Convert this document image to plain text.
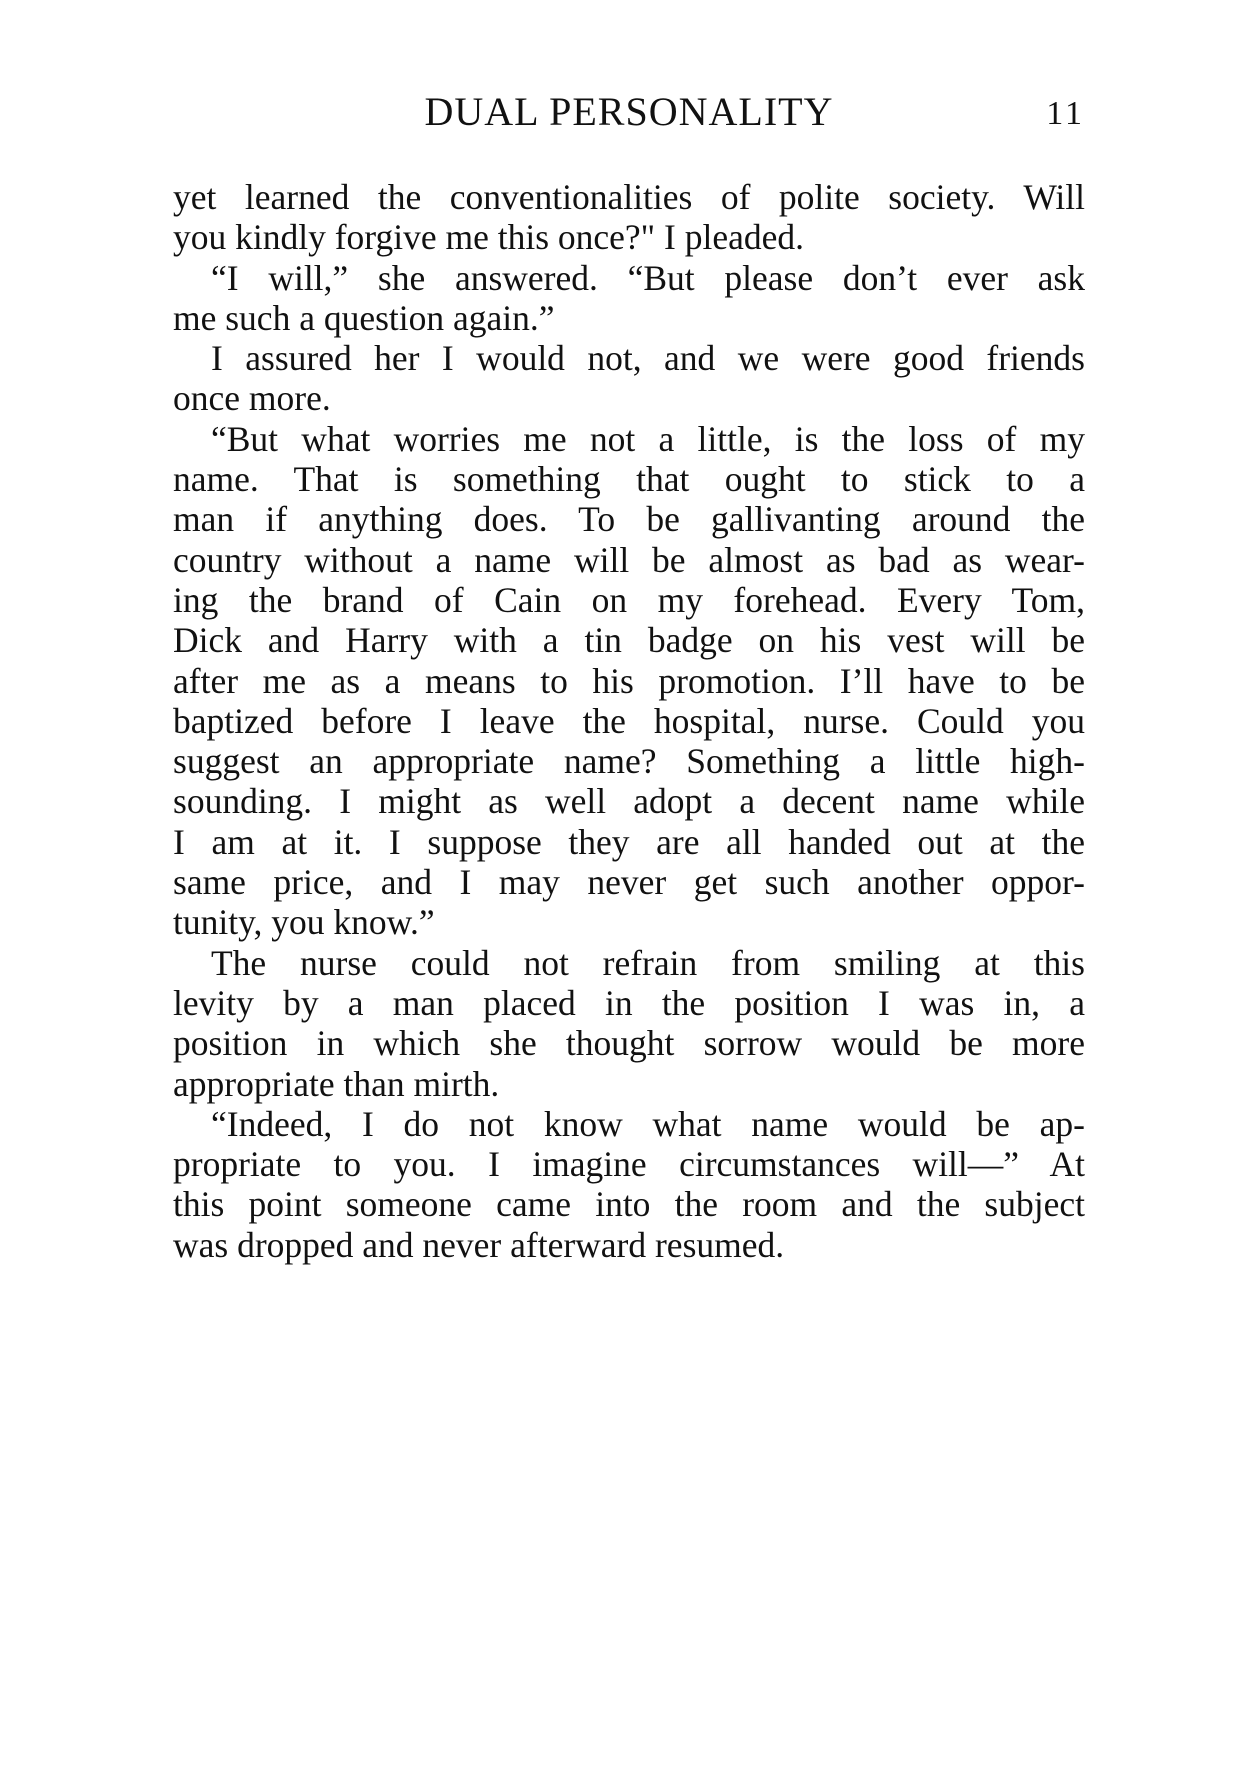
DUAL PERSONALITY	11
yet learned the conventionalities of polite society. Will
you kindly forgive me this once?" I pleaded.
“I will,” she answered. “But please don’t ever ask
me such a question again.”
I assured her I would not, and we were good friends
once more.
“But what worries me not a little, is the loss of my
name. That is something that ought to stick to a
man if anything does. To be gallivanting around the
country without a name will be almost as bad as wear-
ing the brand of Cain on my forehead. Every Tom,
Dick and Harry with a tin badge on his vest will be
after me as a means to his promotion. I’ll have to be
baptized before I leave the hospital, nurse. Could you
suggest an appropriate name? Something a little high-
sounding. I might as well adopt a decent name while
I am at it. I suppose they are all handed out at the
same price, and I may never get such another oppor-
tunity, you know.”
The nurse could not refrain from smiling at this
levity by a man placed in the position I was in, a
position in which she thought sorrow would be more
appropriate than mirth.
“Indeed, I do not know what name would be ap-
propriate to you. I imagine circumstances will—” At
this point someone came into the room and the subject
was dropped and never afterward resumed.
